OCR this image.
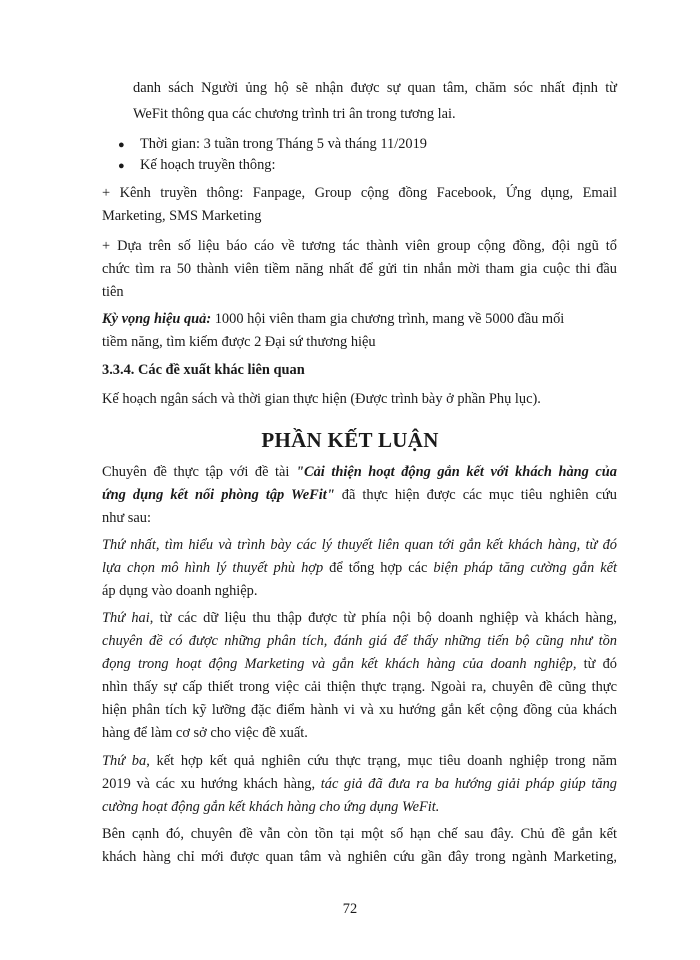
danh sách Người ủng hộ sẽ nhận được sự quan tâm, chăm sóc nhất định từ
WeFit thông qua các chương trình tri ân trong tương lai.
● Thời gian: 3 tuần trong Tháng 5 và tháng 11/2019
● Kế hoạch truyền thông:
+ Kênh truyền thông: Fanpage, Group cộng đồng Facebook, Ứng dụng, Email
Marketing, SMS Marketing
+ Dựa trên số liệu báo cáo về tương tác thành viên group cộng đồng, đội ngũ tổ
chức tìm ra 50 thành viên tiềm năng nhất để gửi tin nhắn mời tham gia cuộc thi đầu
tiên
Kỳ vọng hiệu quả: 1000 hội viên tham gia chương trình, mang về 5000 đầu mối
tiềm năng, tìm kiếm được 2 Đại sứ thương hiệu
3.3.4. Các đề xuất khác liên quan
Kế hoạch ngân sách và thời gian thực hiện (Được trình bày ở phần Phụ lục).
PHẦN KẾT LUẬN
Chuyên đề thực tập với đề tài "Cải thiện hoạt động gắn kết với khách hàng của
ứng dụng kết nối phòng tập WeFit" đã thực hiện được các mục tiêu nghiên cứu
như sau:
Thứ nhất, tìm hiểu và trình bày các lý thuyết liên quan tới gắn kết khách hàng, từ đó
lựa chọn mô hình lý thuyết phù hợp để tổng hợp các biện pháp tăng cường gắn kết
áp dụng vào doanh nghiệp.
Thứ hai, từ các dữ liệu thu thập được từ phía nội bộ doanh nghiệp và khách hàng,
chuyên đề có được những phân tích, đánh giá để thấy những tiến bộ cũng như tồn
đọng trong hoạt động Marketing và gắn kết khách hàng của doanh nghiệp, từ đó
nhìn thấy sự cấp thiết trong việc cải thiện thực trạng. Ngoài ra, chuyên đề cũng thực
hiện phân tích kỹ lưỡng đặc điểm hành vi và xu hướng gắn kết cộng đồng của khách
hàng để làm cơ sở cho việc đề xuất.
Thứ ba, kết hợp kết quả nghiên cứu thực trạng, mục tiêu doanh nghiệp trong năm
2019 và các xu hướng khách hàng, tác giả đã đưa ra ba hướng giải pháp giúp tăng
cường hoạt động gắn kết khách hàng cho ứng dụng WeFit.
Bên cạnh đó, chuyên đề vẫn còn tồn tại một số hạn chế sau đây. Chủ đề gắn kết
khách hàng chỉ mới được quan tâm và nghiên cứu gần đây trong ngành Marketing,
72
